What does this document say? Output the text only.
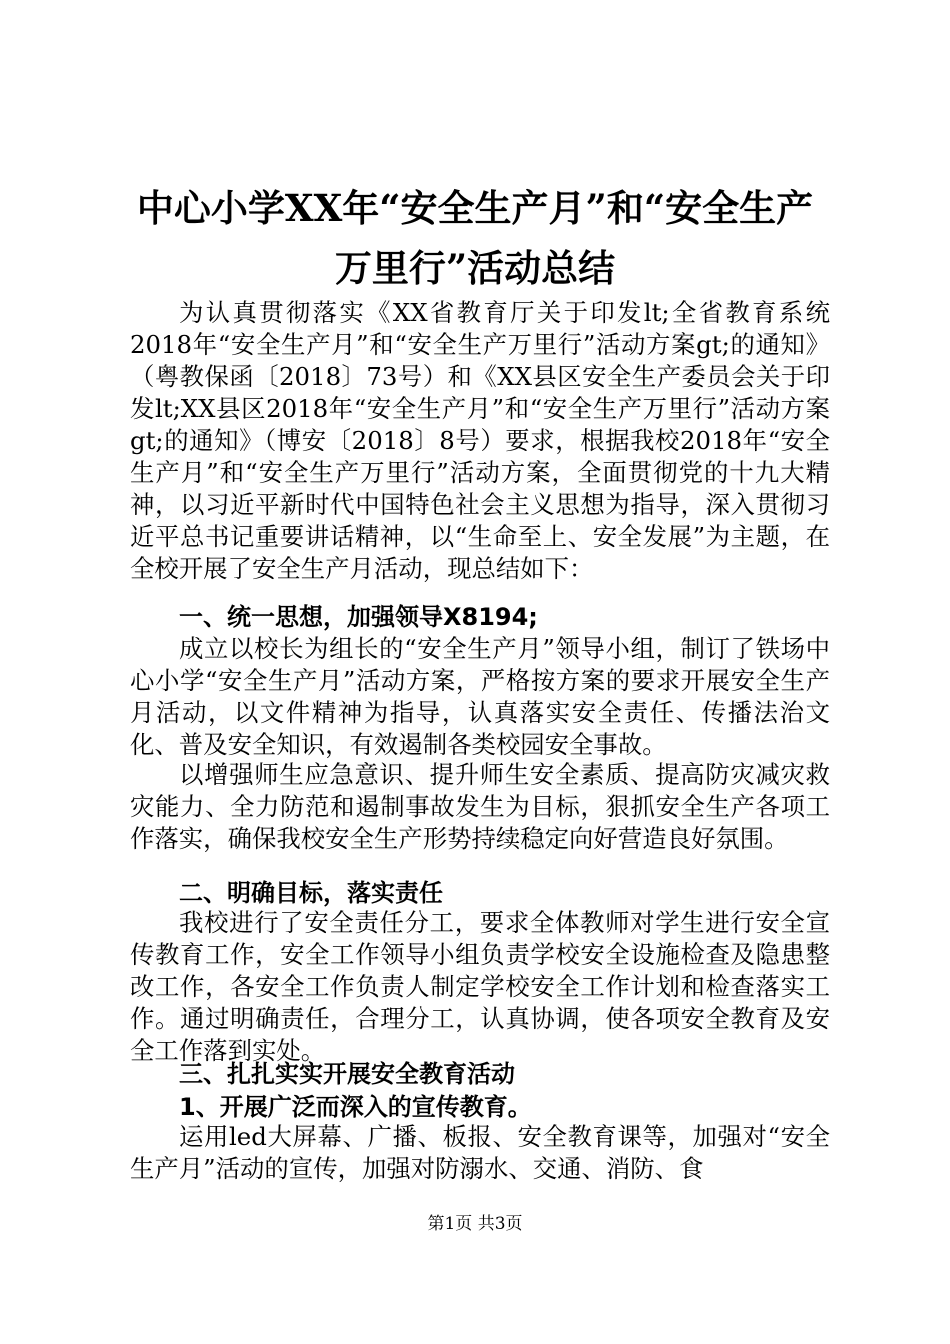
中心小学XX年“安全生产月”和“安全生产
万里行”活动总结

为认真贯彻落实《XX省教育厅关于印发lt;全省教育系统2018年“安全生产月”和“安全生产万里行”活动方案gt;的通知》（粤教保函〔2018〕73号）和《XX县区安全生产委员会关于印发lt;XX县区2018年“安全生产月”和“安全生产万里行”活动方案gt;的通知》（博安〔2018〕8号）要求，根据我校2018年“安全生产月”和“安全生产万里行”活动方案，全面贯彻党的十九大精神，以习近平新时代中国特色社会主义思想为指导，深入贯彻习近平总书记重要讲话精神，以“生命至上、安全发展”为主题，在全校开展了安全生产月活动，现总结如下：

一、统一思想，加强领导X8194;

成立以校长为组长的“安全生产月”领导小组，制订了铁场中心小学“安全生产月”活动方案，严格按方案的要求开展安全生产月活动，以文件精神为指导，认真落实安全责任、传播法治文化、普及安全知识，有效遏制各类校园安全事故。

以增强师生应急意识、提升师生安全素质、提高防灾减灾救灾能力、全力防范和遏制事故发生为目标，狠抓安全生产各项工作落实，确保我校安全生产形势持续稳定向好营造良好氛围。

二、明确目标，落实责任

我校进行了安全责任分工，要求全体教师对学生进行安全宣传教育工作，安全工作领导小组负责学校安全设施检查及隐患整改工作，各安全工作负责人制定学校安全工作计划和检查落实工作。通过明确责任，合理分工，认真协调，使各项安全教育及安全工作落到实处。

三、扎扎实实开展安全教育活动

1、开展广泛而深入的宣传教育。

运用led大屏幕、广播、板报、安全教育课等，加强对“安全生产月”活动的宣传，加强对防溺水、交通、消防、食

第1页 共3页
